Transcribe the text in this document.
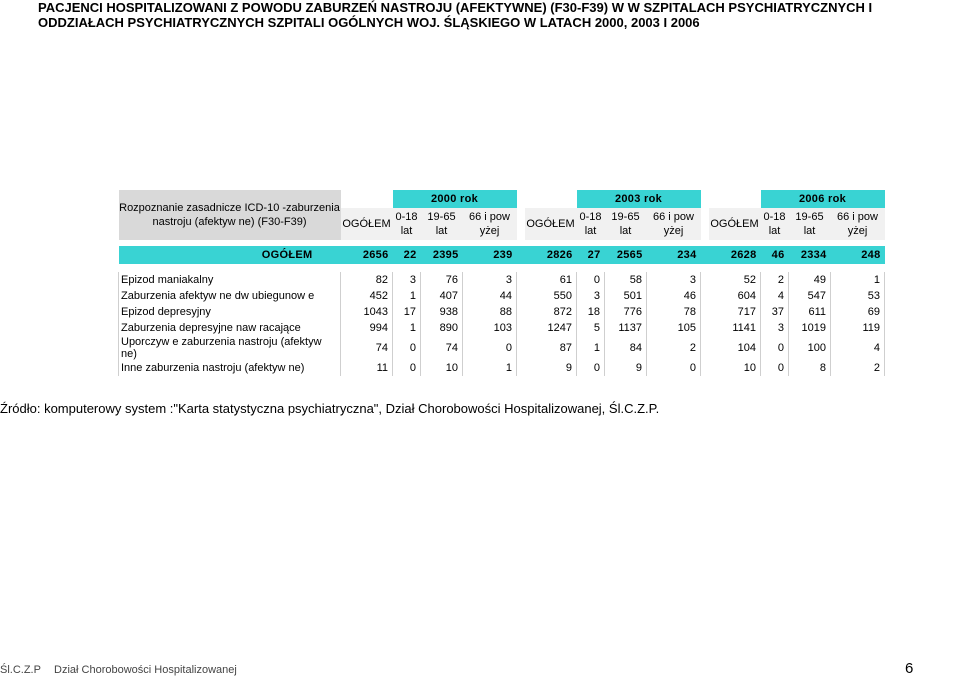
PACJENCI HOSPITALIZOWANI Z POWODU ZABURZEŃ NASTROJU (AFEKTYWNE) (F30-F39) W W SZPITALACH PSYCHIATRYCZNYCH I ODDZIAŁACH PSYCHIATRYCZNYCH SZPITALI OGÓLNYCH WOJ. ŚLĄSKIEGO W LATACH 2000, 2003 I 2006
Rozpoznanie zasadnicze ICD-10 -zaburzenia nastroju (afektyw ne) (F30-F39)		2000 rok					2003 rok					2006 rok		
	OGÓŁEM	0-18 lat	19-65 lat	66 i pow yżej		OGÓŁEM	0-18 lat	19-65 lat	66 i pow yżej		OGÓŁEM	0-18 lat	19-65 lat	66 i pow yżej

OGÓŁEM	2656	22	2395	239		2826	27	2565	234		2628	46	2334	248

Epizod maniakalny	82	3	76	3		61	0	58	3		52	2	49	1
Zaburzenia afektyw ne dw ubiegunow e	452	1	407	44		550	3	501	46		604	4	547	53
Epizod depresyjny	1043	17	938	88		872	18	776	78		717	37	611	69
Zaburzenia depresyjne naw racające	994	1	890	103		1247	5	1137	105		1141	3	1019	119
Uporczyw e zaburzenia nastroju (afektyw ne)	74	0	74	0		87	1	84	2		104	0	100	4
Inne zaburzenia nastroju (afektyw ne)	11	0	10	1		9	0	9	0		10	0	8	2
Źródło: komputerowy system :"Karta statystyczna psychiatryczna", Dział Chorobowości Hospitalizowanej, Śl.C.Z.P.
Śl.C.Z.P Dział Chorobowości Hospitalizowanej	6
